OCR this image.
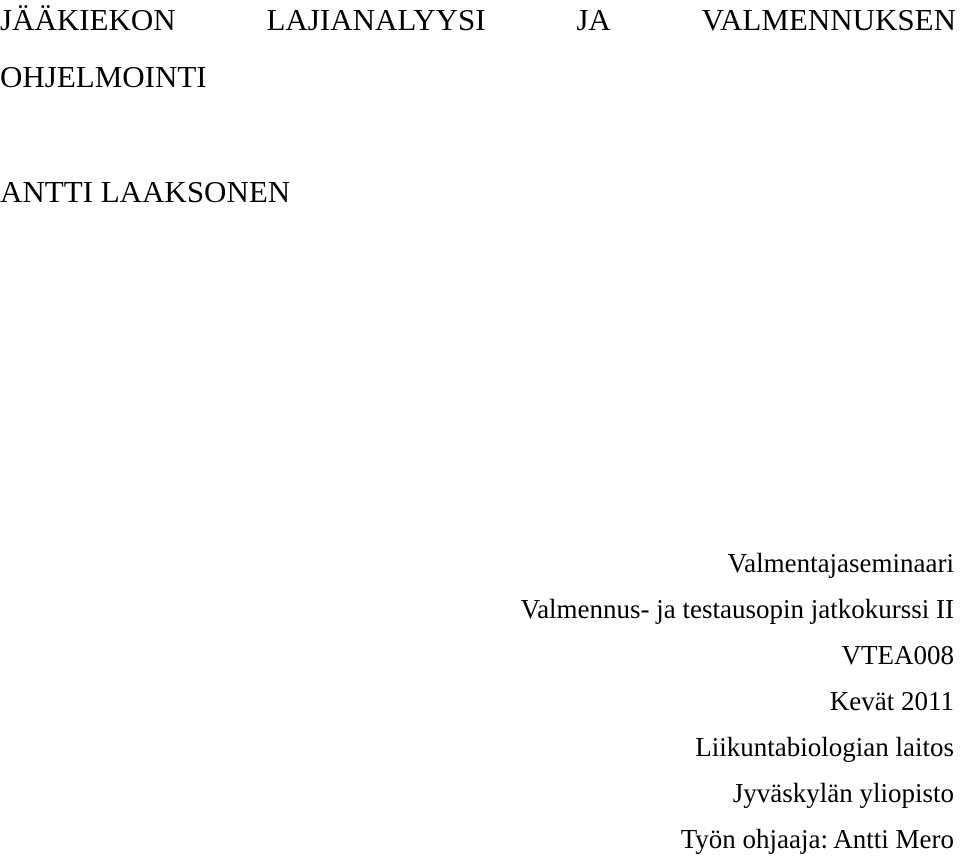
JÄÄKIEKON	LAJIANALYYSI	JA	VALMENNUKSEN
OHJELMOINTI
ANTTI LAAKSONEN
Valmentajaseminaari
Valmennus- ja testausopin jatkokurssi II
VTEA008
Kevät 2011
Liikuntabiologian laitos
Jyväskylän yliopisto
Työn ohjaaja: Antti Mero
